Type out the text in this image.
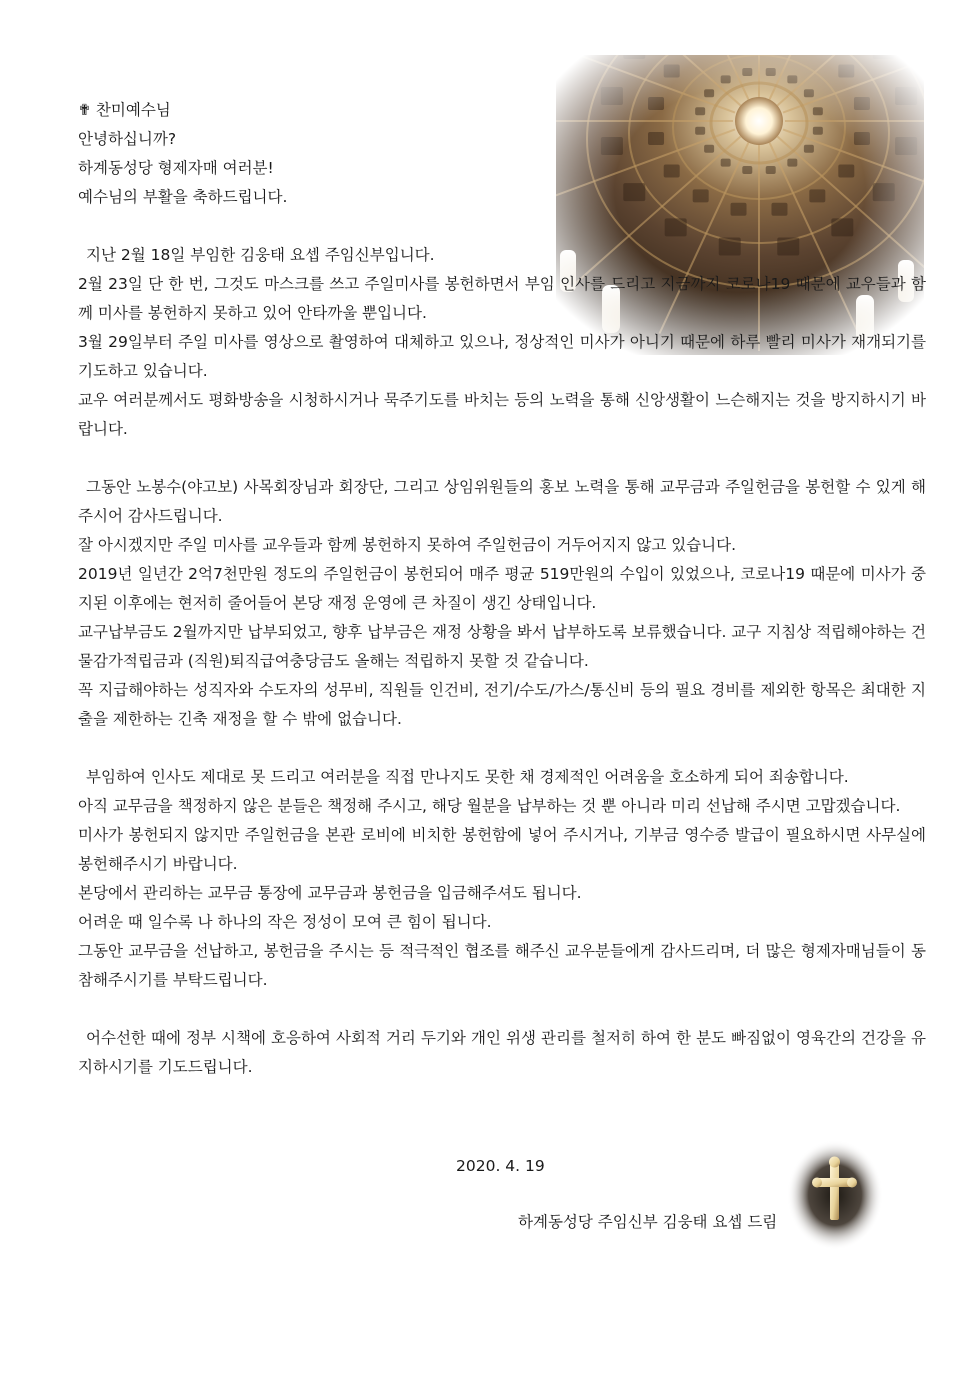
✟ 찬미예수님

안녕하십니까?

하계동성당 형제자매 여러분!

예수님의 부활을 축하드립니다.

지난 2월 18일 부임한 김웅태 요셉 주임신부입니다.

2월 23일 단 한 번, 그것도 마스크를 쓰고 주일미사를 봉헌하면서 부임 인사를 드리고 지금까지 코로나19 때문에 교우들과 함께 미사를 봉헌하지 못하고 있어 안타까울 뿐입니다.

3월 29일부터 주일 미사를 영상으로 촬영하여 대체하고 있으나, 정상적인 미사가 아니기 때문에 하루 빨리 미사가 재개되기를 기도하고 있습니다.

교우 여러분께서도 평화방송을 시청하시거나 묵주기도를 바치는 등의 노력을 통해 신앙생활이 느슨해지는 것을 방지하시기 바랍니다.

그동안 노봉수(야고보) 사목회장님과 회장단, 그리고 상임위원들의 홍보 노력을 통해 교무금과 주일헌금을 봉헌할 수 있게 해주시어 감사드립니다.

잘 아시겠지만 주일 미사를 교우들과 함께 봉헌하지 못하여 주일헌금이 거두어지지 않고 있습니다.

2019년 일년간 2억7천만원 정도의 주일헌금이 봉헌되어 매주 평균 519만원의 수입이 있었으나, 코로나19 때문에 미사가 중지된 이후에는 현저히 줄어들어 본당 재정 운영에 큰 차질이 생긴 상태입니다.

교구납부금도 2월까지만 납부되었고, 향후 납부금은 재정 상황을 봐서 납부하도록 보류했습니다. 교구 지침상 적립해야하는 건물감가적립금과 (직원)퇴직급여충당금도 올해는 적립하지 못할 것 같습니다.

꼭 지급해야하는 성직자와 수도자의 성무비, 직원들 인건비, 전기/수도/가스/통신비 등의 필요 경비를 제외한 항목은 최대한 지출을 제한하는 긴축 재정을 할 수 밖에 없습니다.

부임하여 인사도 제대로 못 드리고 여러분을 직접 만나지도 못한 채 경제적인 어려움을 호소하게 되어 죄송합니다.

아직 교무금을 책정하지 않은 분들은 책정해 주시고, 해당 월분을 납부하는 것 뿐 아니라 미리 선납해 주시면 고맙겠습니다.

미사가 봉헌되지 않지만 주일헌금을 본관 로비에 비치한 봉헌함에 넣어 주시거나, 기부금 영수증 발급이 필요하시면 사무실에 봉헌해주시기 바랍니다.

본당에서 관리하는 교무금 통장에 교무금과 봉헌금을 입금해주셔도 됩니다.

어려운 때 일수록 나 하나의 작은 정성이 모여 큰 힘이 됩니다.

그동안 교무금을 선납하고, 봉헌금을 주시는 등 적극적인 협조를 해주신 교우분들에게 감사드리며, 더 많은 형제자매님들이 동참해주시기를 부탁드립니다.

어수선한 때에 정부 시책에 호응하여 사회적 거리 두기와 개인 위생 관리를 철저히 하여 한 분도 빠짐없이 영육간의 건강을 유지하시기를 기도드립니다.

2020. 4. 19
하계동성당 주임신부 김웅태 요셉 드림
